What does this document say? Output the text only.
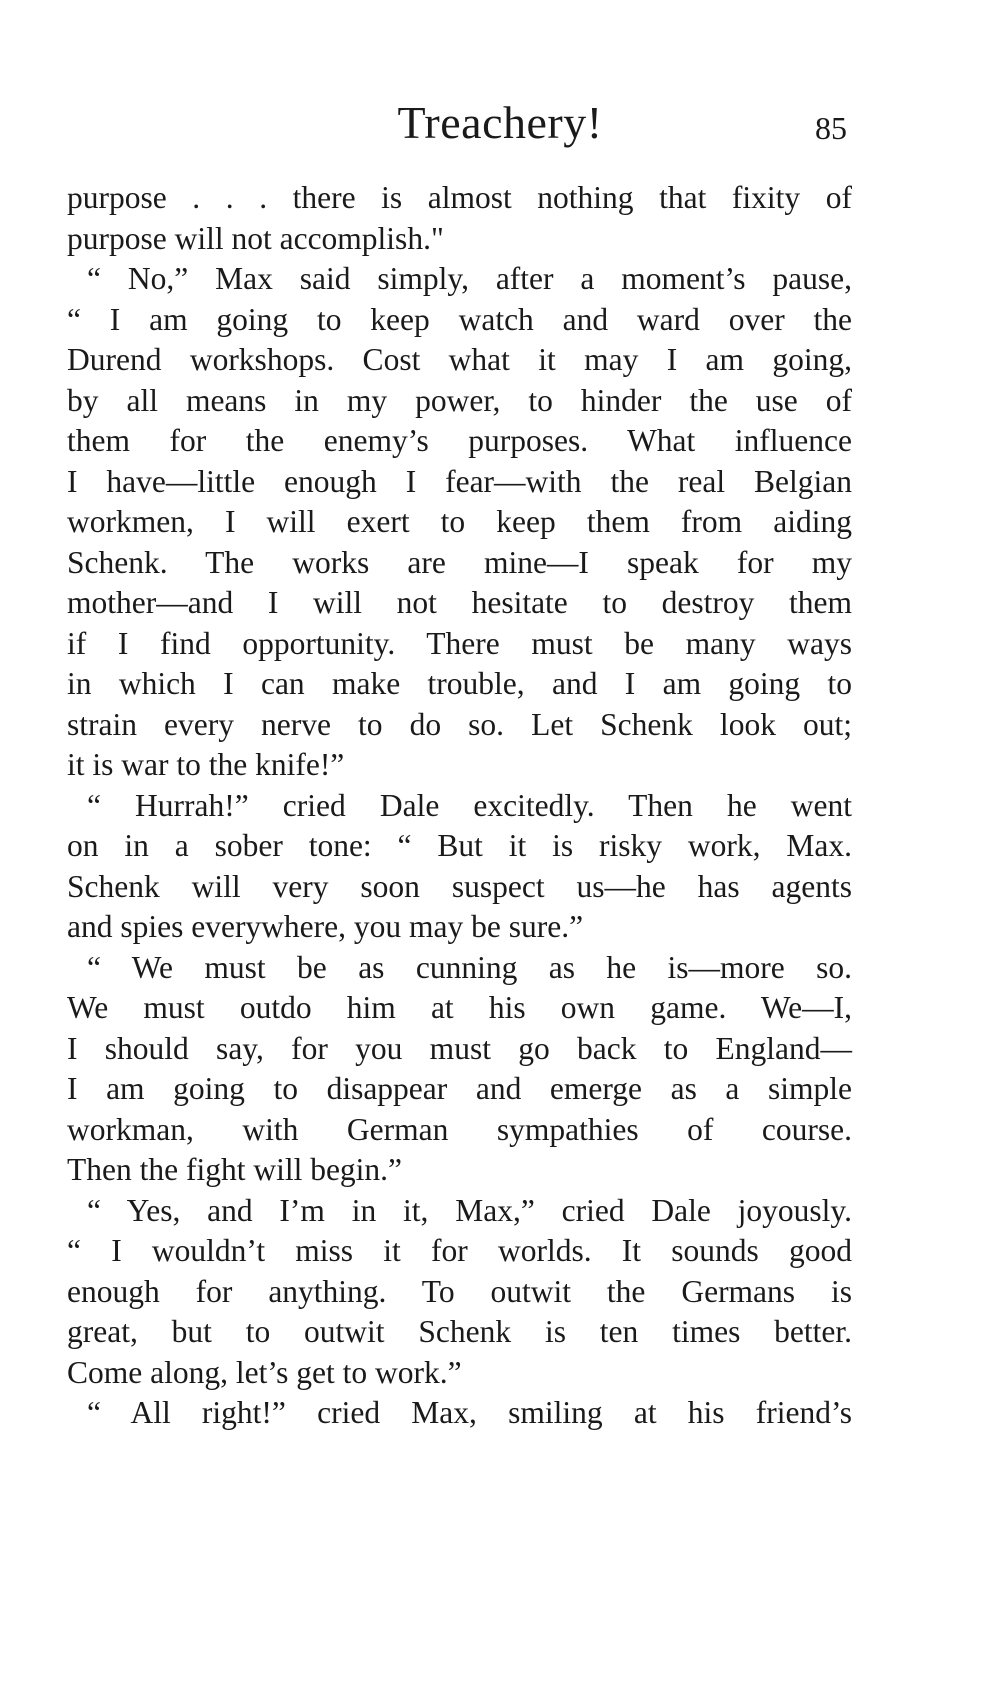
Treachery!	85
purpose . . . there is almost nothing that fixity of
purpose will not accomplish."
“ No,” Max said simply, after a moment’s pause,
“ I am going to keep watch and ward over the
Durend workshops. Cost what it may I am going,
by all means in my power, to hinder the use of
them for the enemy’s purposes. What influence
I have—little enough I fear—with the real Belgian
workmen, I will exert to keep them from aiding
Schenk. The works are mine—I speak for my
mother—and I will not hesitate to destroy them
if I find opportunity. There must be many ways
in which I can make trouble, and I am going to
strain every nerve to do so. Let Schenk look out;
it is war to the knife!”
“ Hurrah!” cried Dale excitedly. Then he went
on in a sober tone: “ But it is risky work, Max.
Schenk will very soon suspect us—he has agents
and spies everywhere, you may be sure.”
“ We must be as cunning as he is—more so.
We must outdo him at his own game. We—I,
I should say, for you must go back to England—
I am going to disappear and emerge as a simple
workman, with German sympathies of course.
Then the fight will begin.”
“ Yes, and I’m in it, Max,” cried Dale joyously.
“ I wouldn’t miss it for worlds. It sounds good
enough for anything. To outwit the Germans is
great, but to outwit Schenk is ten times better.
Come along, let’s get to work.”
“ All right!” cried Max, smiling at his friend’s
